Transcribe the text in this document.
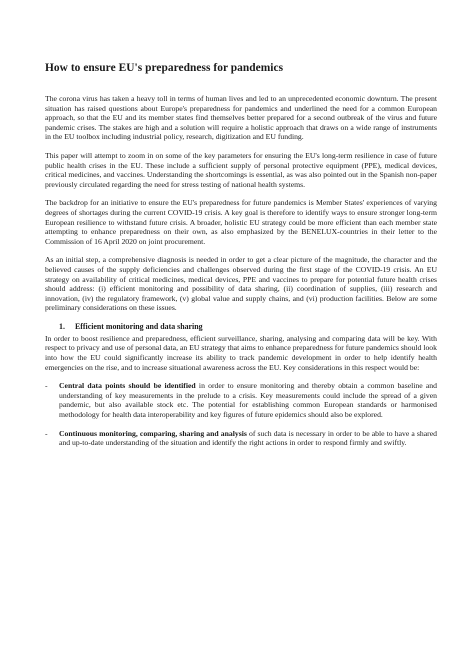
How to ensure EU's preparedness for pandemics

The corona virus has taken a heavy toll in terms of human lives and led to an unprecedented economic downturn. The present situation has raised questions about Europe's preparedness for pandemics and underlined the need for a common European approach, so that the EU and its member states find themselves better prepared for a second outbreak of the virus and future pandemic crises. The stakes are high and a solution will require a holistic approach that draws on a wide range of instruments in the EU toolbox including industrial policy, research, digitization and EU funding.

This paper will attempt to zoom in on some of the key parameters for ensuring the EU's long-term resilience in case of future public health crises in the EU. These include a sufficient supply of personal protective equipment (PPE), medical devices, critical medicines, and vaccines. Understanding the shortcomings is essential, as was also pointed out in the Spanish non-paper previously circulated regarding the need for stress testing of national health systems.

The backdrop for an initiative to ensure the EU's preparedness for future pandemics is Member States' experiences of varying degrees of shortages during the current COVID-19 crisis. A key goal is therefore to identify ways to ensure stronger long-term European resilience to withstand future crisis. A broader, holistic EU strategy could be more efficient than each member state attempting to enhance preparedness on their own, as also emphasized by the BENELUX-countries in their letter to the Commission of 16 April 2020 on joint procurement.

As an initial step, a comprehensive diagnosis is needed in order to get a clear picture of the magnitude, the character and the believed causes of the supply deficiencies and challenges observed during the first stage of the COVID-19 crisis. An EU strategy on availability of critical medicines, medical devices, PPE and vaccines to prepare for potential future health crises should address: (i) efficient monitoring and possibility of data sharing, (ii) coordination of supplies, (iii) research and innovation, (iv) the regulatory framework, (v) global value and supply chains, and (vi) production facilities. Below are some preliminary considerations on these issues.

1.	Efficient monitoring and data sharing

In order to boost resilience and preparedness, efficient surveillance, sharing, analysing and comparing data will be key. With respect to privacy and use of personal data, an EU strategy that aims to enhance preparedness for future pandemics should look into how the EU could significantly increase its ability to track pandemic development in order to help identify health emergencies on the rise, and to increase situational awareness across the EU. Key considerations in this respect would be:

-	Central data points should be identified in order to ensure monitoring and thereby obtain a common baseline and understanding of key measurements in the prelude to a crisis. Key measurements could include the spread of a given pandemic, but also available stock etc. The potential for establishing common European standards or harmonised methodology for health data interoperability and key figures of future epidemics should also be explored.
-	Continuous monitoring, comparing, sharing and analysis of such data is necessary in order to be able to have a shared and up-to-date understanding of the situation and identify the right actions in order to respond firmly and swiftly.
